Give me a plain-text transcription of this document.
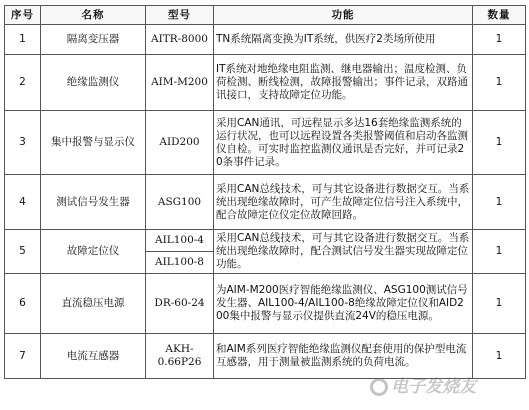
序号	名称	型号	功能	数量
1	隔离变压器	AITR-8000	TN系统隔离变换为IT系统，供医疗2类场所使用	1
2	绝缘监测仪	AIM-M200	IT系统对地绝缘电阻监测、继电器输出；温度检测、负荷检测、断线检测，故障报警输出；事件记录，双路通讯接口，支持故障定位功能。	1
3	集中报警与显示仪	AID200	采用CAN通讯，可远程显示多达16套绝缘监测系统的运行状况，也可以远程设置各类报警阈值和启动各监测仪自检。可实时监控监测仪通讯是否完好，并可记录20条事件记录。	1
4	测试信号发生器	ASG100	采用CAN总线技术，可与其它设备进行数据交互。当系统出现绝缘故障时，可产生故障定位信号注入系统中，配合故障定位仪定位故障回路。	1
5	故障定位仪	AIL100-4	采用CAN总线技术，可与其它设备进行数据交互。当系统出现绝缘故障时，配合测试信号发生器实现故障定位功能。	1
		AIL100-8		
6	直流稳压电源	DR-60-24	为AIM-M200医疗智能绝缘监测仪、ASG100测试信号发生器、AIL100-4/AIL100-8绝缘故障定位仪和AID200集中报警与显示仪提供直流24V的稳压电源。	1
7	电流互感器	AKH-0.66P26	和AIM系列医疗智能绝缘监测仪配套使用的保护型电流互感器，用于测量被监测系统的负荷电流。	1
电子发烧友
